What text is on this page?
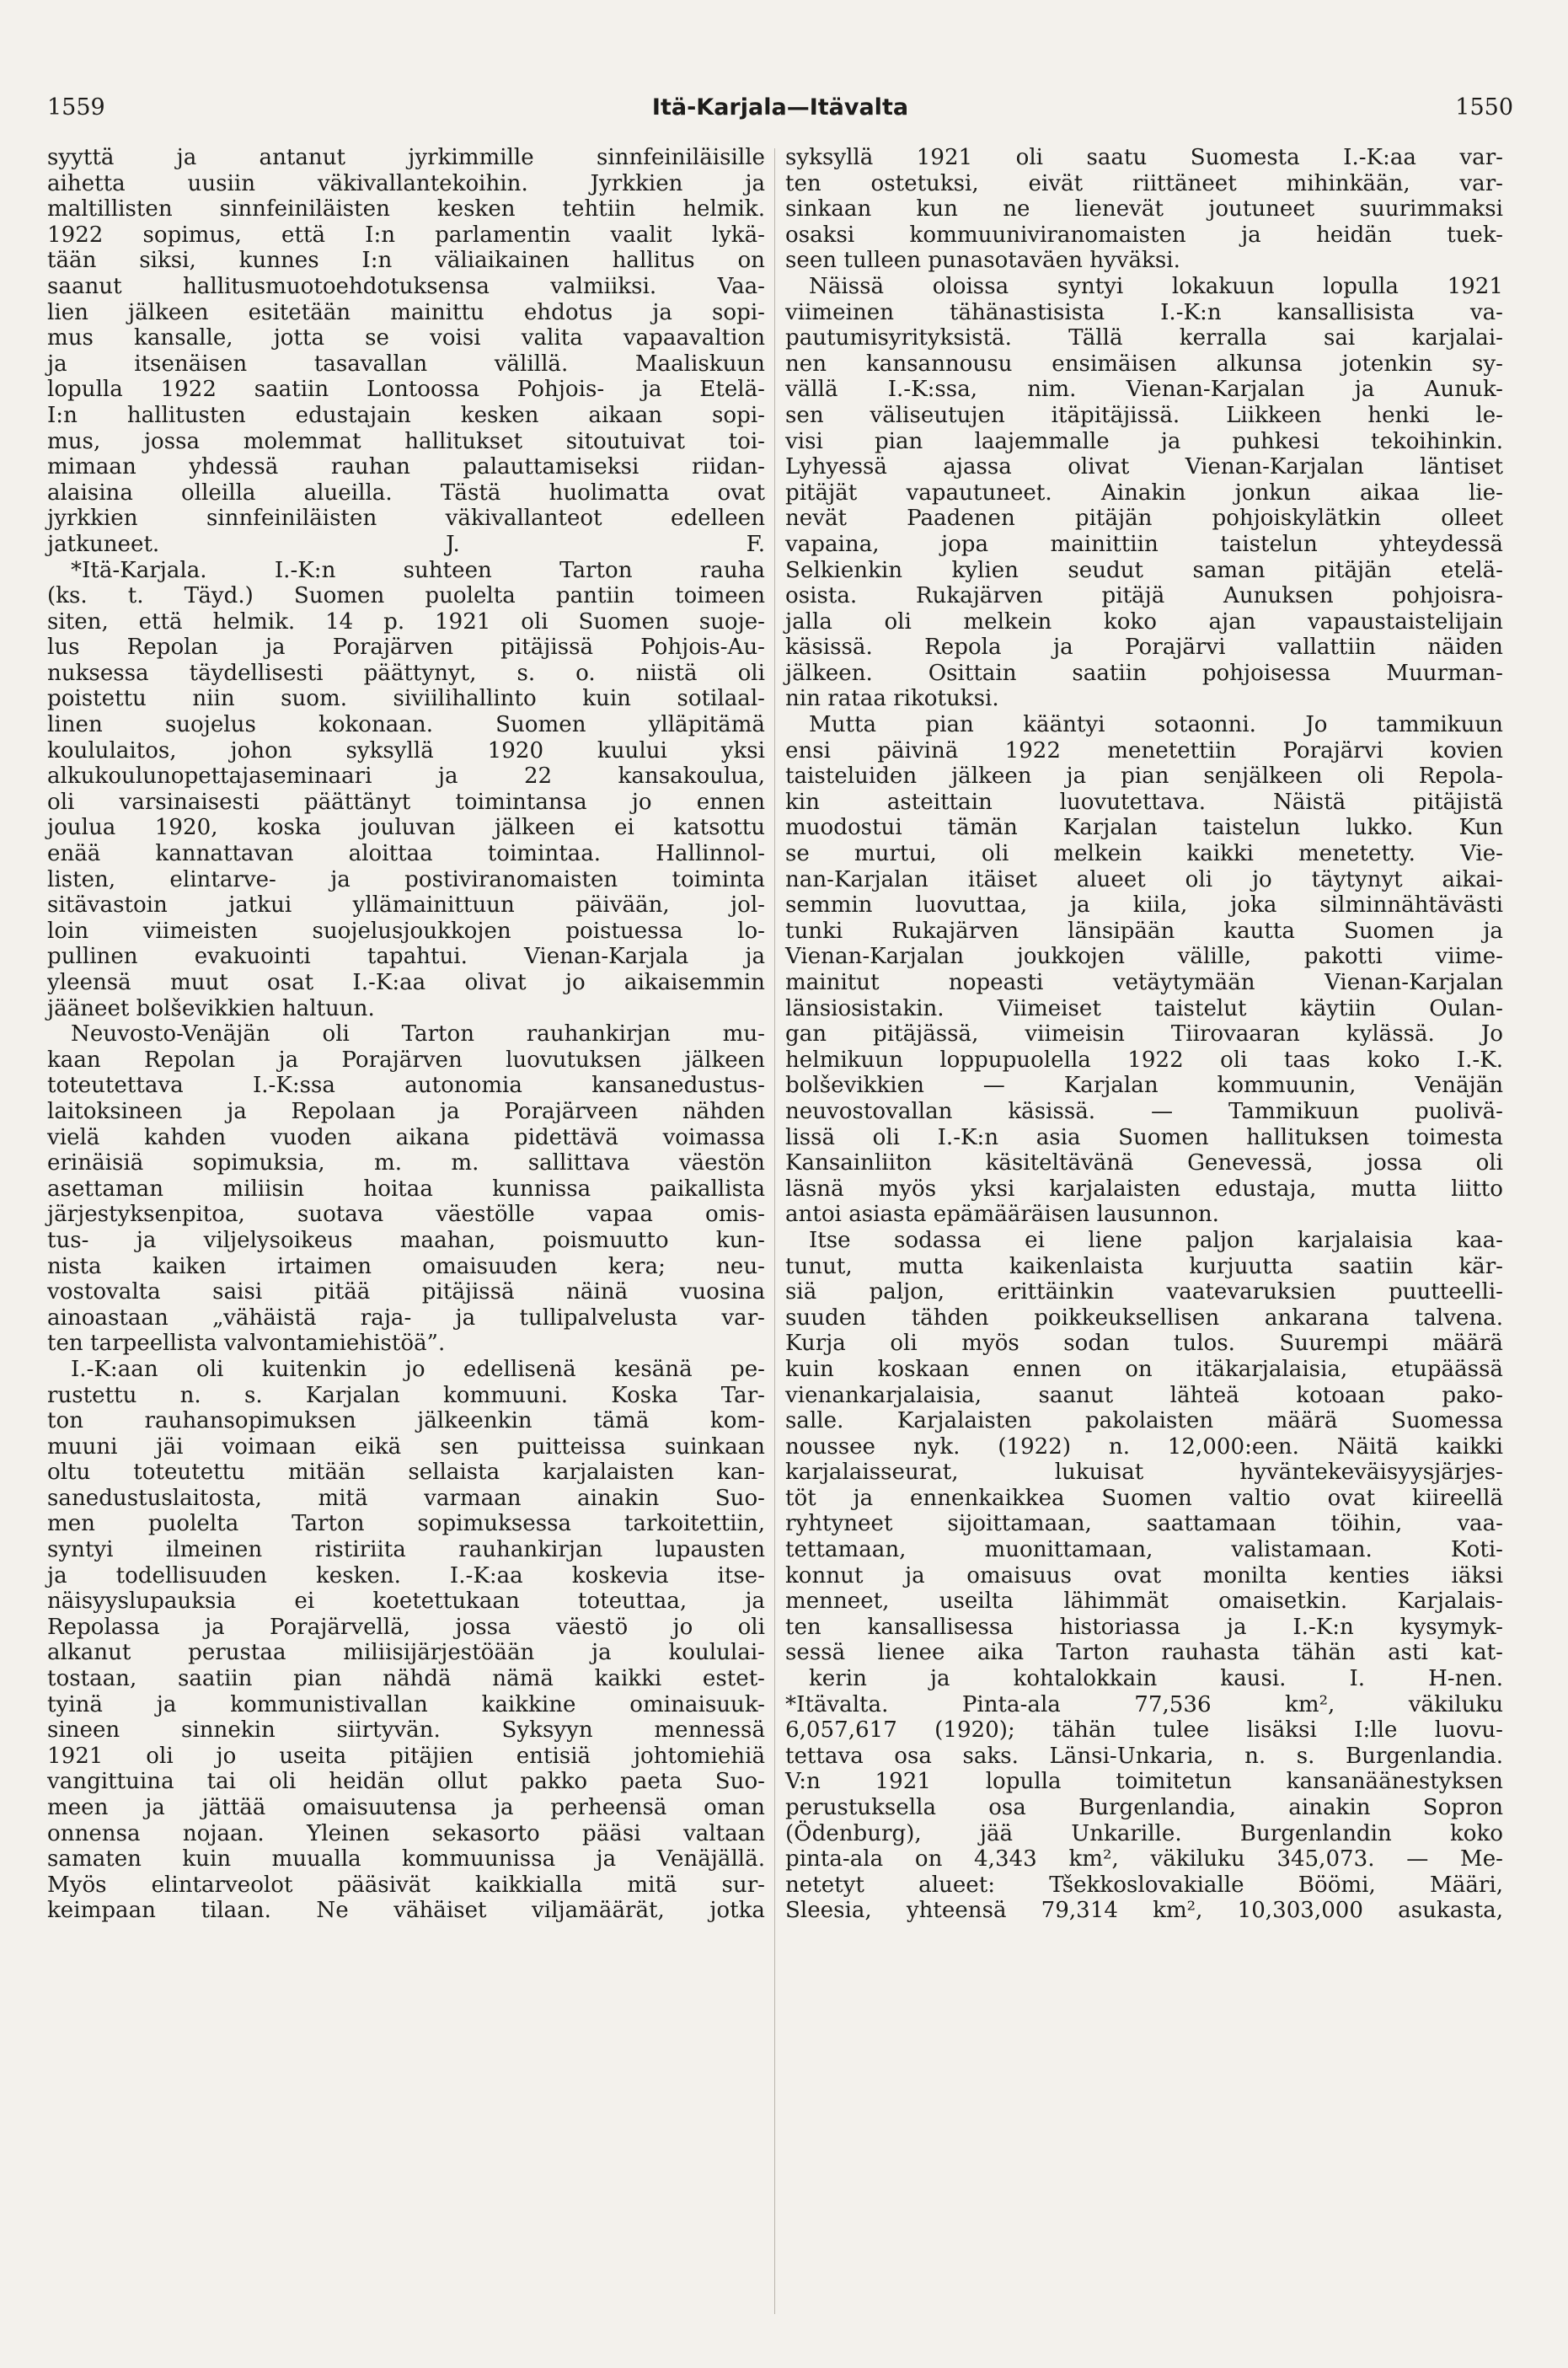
1559	Itä-Karjala—Itävalta	1550
syyttä ja antanut jyrkimmille sinnfeiniläisille
aihetta uusiin väkivallantekoihin. Jyrkkien ja
maltillisten sinnfeiniläisten kesken tehtiin helmik.
1922 sopimus, että I:n parlamentin vaalit lykä-
tään siksi, kunnes I:n väliaikainen hallitus on
saanut hallitusmuotoehdotuksensa valmiiksi. Vaa-
lien jälkeen esitetään mainittu ehdotus ja sopi-
mus kansalle, jotta se voisi valita vapaavaltion
ja itsenäisen tasavallan välillä. Maaliskuun
lopulla 1922 saatiin Lontoossa Pohjois- ja Etelä-
I:n hallitusten edustajain kesken aikaan sopi-
mus, jossa molemmat hallitukset sitoutuivat toi-
mimaan yhdessä rauhan palauttamiseksi riidan-
alaisina olleilla alueilla. Tästä huolimatta ovat
jyrkkien sinnfeiniläisten väkivallanteot edelleen
jatkuneet. J. F.
*Itä-Karjala. I.-K:n suhteen Tarton rauha
(ks. t. Täyd.) Suomen puolelta pantiin toimeen
siten, että helmik. 14 p. 1921 oli Suomen suoje-
lus Repolan ja Porajärven pitäjissä Pohjois-Au-
nuksessa täydellisesti päättynyt, s. o. niistä oli
poistettu niin suom. siviilihallinto kuin sotilaal-
linen suojelus kokonaan. Suomen ylläpitämä
koululaitos, johon syksyllä 1920 kuului yksi
alkukoulunopettajaseminaari ja 22 kansakoulua,
oli varsinaisesti päättänyt toimintansa jo ennen
joulua 1920, koska jouluvan jälkeen ei katsottu
enää kannattavan aloittaa toimintaa. Hallinnol-
listen, elintarve- ja postiviranomaisten toiminta
sitävastoin jatkui yllämainittuun päivään, jol-
loin viimeisten suojelusjoukkojen poistuessa lo-
pullinen evakuointi tapahtui. Vienan-Karjala ja
yleensä muut osat I.-K:aa olivat jo aikaisemmin
jääneet bolševikkien haltuun.
Neuvosto-Venäjän oli Tarton rauhankirjan mu-
kaan Repolan ja Porajärven luovutuksen jälkeen
toteutettava I.-K:ssa autonomia kansanedustus-
laitoksineen ja Repolaan ja Porajärveen nähden
vielä kahden vuoden aikana pidettävä voimassa
erinäisiä sopimuksia, m. m. sallittava väestön
asettaman miliisin hoitaa kunnissa paikallista
järjestyksenpitoa, suotava väestölle vapaa omis-
tus- ja viljelysoikeus maahan, poismuutto kun-
nista kaiken irtaimen omaisuuden kera; neu-
vostovalta saisi pitää pitäjissä näinä vuosina
ainoastaan „vähäistä raja- ja tullipalvelusta var-
ten tarpeellista valvontamiehistöä”.
I.-K:aan oli kuitenkin jo edellisenä kesänä pe-
rustettu n. s. Karjalan kommuuni. Koska Tar-
ton rauhansopimuksen jälkeenkin tämä kom-
muuni jäi voimaan eikä sen puitteissa suinkaan
oltu toteutettu mitään sellaista karjalaisten kan-
sanedustuslaitosta, mitä varmaan ainakin Suo-
men puolelta Tarton sopimuksessa tarkoitettiin,
syntyi ilmeinen ristiriita rauhankirjan lupausten
ja todellisuuden kesken. I.-K:aa koskevia itse-
näisyyslupauksia ei koetettukaan toteuttaa, ja
Repolassa ja Porajärvellä, jossa väestö jo oli
alkanut perustaa miliisijärjestöään ja koululai-
tostaan, saatiin pian nähdä nämä kaikki estet-
tyinä ja kommunistivallan kaikkine ominaisuuk-
sineen sinnekin siirtyvän. Syksyyn mennessä
1921 oli jo useita pitäjien entisiä johtomiehiä
vangittuina tai oli heidän ollut pakko paeta Suo-
meen ja jättää omaisuutensa ja perheensä oman
onnensa nojaan. Yleinen sekasorto pääsi valtaan
samaten kuin muualla kommuunissa ja Venäjällä.
Myös elintarveolot pääsivät kaikkialla mitä sur-
keimpaan tilaan. Ne vähäiset viljamäärät, jotka
syksyllä 1921 oli saatu Suomesta I.-K:aa var-
ten ostetuksi, eivät riittäneet mihinkään, var-
sinkaan kun ne lienevät joutuneet suurimmaksi
osaksi kommuuniviranomaisten ja heidän tuek-
seen tulleen punasotaväen hyväksi.
Näissä oloissa syntyi lokakuun lopulla 1921
viimeinen tähänastisista I.-K:n kansallisista va-
pautumisyrityksistä. Tällä kerralla sai karjalai-
nen kansannousu ensimäisen alkunsa jotenkin sy-
vällä I.-K:ssa, nim. Vienan-Karjalan ja Aunuk-
sen väliseutujen itäpitäjissä. Liikkeen henki le-
visi pian laajemmalle ja puhkesi tekoihinkin.
Lyhyessä ajassa olivat Vienan-Karjalan läntiset
pitäjät vapautuneet. Ainakin jonkun aikaa lie-
nevät Paadenen pitäjän pohjoiskylätkin olleet
vapaina, jopa mainittiin taistelun yhteydessä
Selkienkin kylien seudut saman pitäjän etelä-
osista. Rukajärven pitäjä Aunuksen pohjoisra-
jalla oli melkein koko ajan vapaustaistelijain
käsissä. Repola ja Porajärvi vallattiin näiden
jälkeen. Osittain saatiin pohjoisessa Muurman-
nin rataa rikotuksi.
Mutta pian kääntyi sotaonni. Jo tammikuun
ensi päivinä 1922 menetettiin Porajärvi kovien
taisteluiden jälkeen ja pian senjälkeen oli Repola-
kin asteittain luovutettava. Näistä pitäjistä
muodostui tämän Karjalan taistelun lukko. Kun
se murtui, oli melkein kaikki menetetty. Vie-
nan-Karjalan itäiset alueet oli jo täytynyt aikai-
semmin luovuttaa, ja kiila, joka silminnähtävästi
tunki Rukajärven länsipään kautta Suomen ja
Vienan-Karjalan joukkojen välille, pakotti viime-
mainitut nopeasti vetäytymään Vienan-Karjalan
länsiosistakin. Viimeiset taistelut käytiin Oulan-
gan pitäjässä, viimeisin Tiirovaaran kylässä. Jo
helmikuun loppupuolella 1922 oli taas koko I.-K.
bolševikkien — Karjalan kommuunin, Venäjän
neuvostovallan käsissä. — Tammikuun puolivä-
lissä oli I.-K:n asia Suomen hallituksen toimesta
Kansainliiton käsiteltävänä Genevessä, jossa oli
läsnä myös yksi karjalaisten edustaja, mutta liitto
antoi asiasta epämääräisen lausunnon.
Itse sodassa ei liene paljon karjalaisia kaa-
tunut, mutta kaikenlaista kurjuutta saatiin kär-
siä paljon, erittäinkin vaatevaruksien puutteelli-
suuden tähden poikkeuksellisen ankarana talvena.
Kurja oli myös sodan tulos. Suurempi määrä
kuin koskaan ennen on itäkarjalaisia, etupäässä
vienankarjalaisia, saanut lähteä kotoaan pako-
salle. Karjalaisten pakolaisten määrä Suomessa
noussee nyk. (1922) n. 12,000:een. Näitä kaikki
karjalaisseurat, lukuisat hyväntekeväisyysjärjes-
töt ja ennenkaikkea Suomen valtio ovat kiireellä
ryhtyneet sijoittamaan, saattamaan töihin, vaa-
tettamaan, muonittamaan, valistamaan. Koti-
konnut ja omaisuus ovat monilta kenties iäksi
menneet, useilta lähimmät omaisetkin. Karjalais-
ten kansallisessa historiassa ja I.-K:n kysymyk-
sessä lienee aika Tarton rauhasta tähän asti kat-
kerin ja kohtalokkain kausi. I. H-nen.
*Itävalta. Pinta-ala 77,536 km², väkiluku
6,057,617 (1920); tähän tulee lisäksi I:lle luovu-
tettava osa saks. Länsi-Unkaria, n. s. Burgenlandia.
V:n 1921 lopulla toimitetun kansanäänestyksen
perustuksella osa Burgenlandia, ainakin Sopron
(Ödenburg), jää Unkarille. Burgenlandin koko
pinta-ala on 4,343 km², väkiluku 345,073. — Me-
netetyt alueet: Tšekkoslovakialle Böömi, Määri,
Sleesia, yhteensä 79,314 km², 10,303,000 asukasta,
